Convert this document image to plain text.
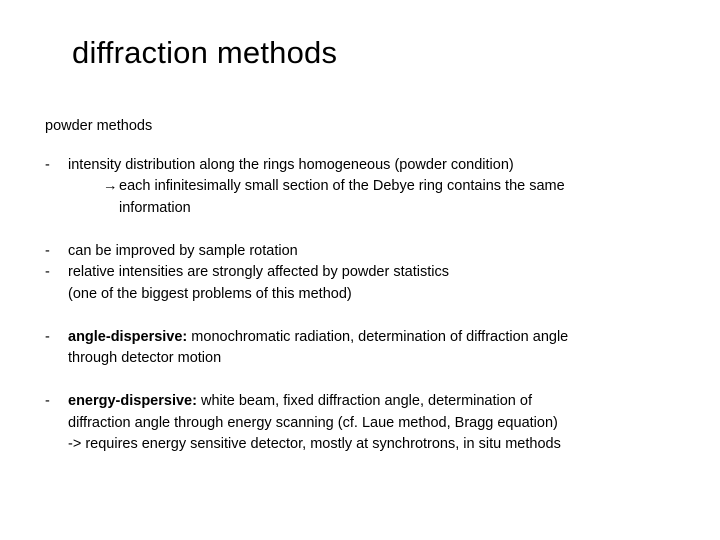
diffraction methods
powder methods
- intensity distribution along the rings homogeneous (powder condition)
→ each infinitesimally small section of the Debye ring contains the same
information
- can be improved by sample rotation
- relative intensities are strongly affected by powder statistics
(one of the biggest problems of this method)
- angle-dispersive: monochromatic radiation, determination of diffraction angle
through detector motion
- energy-dispersive: white beam, fixed diffraction angle, determination of
diffraction angle through energy scanning (cf. Laue method, Bragg equation)
-> requires energy sensitive detector, mostly at synchrotrons, in situ methods
